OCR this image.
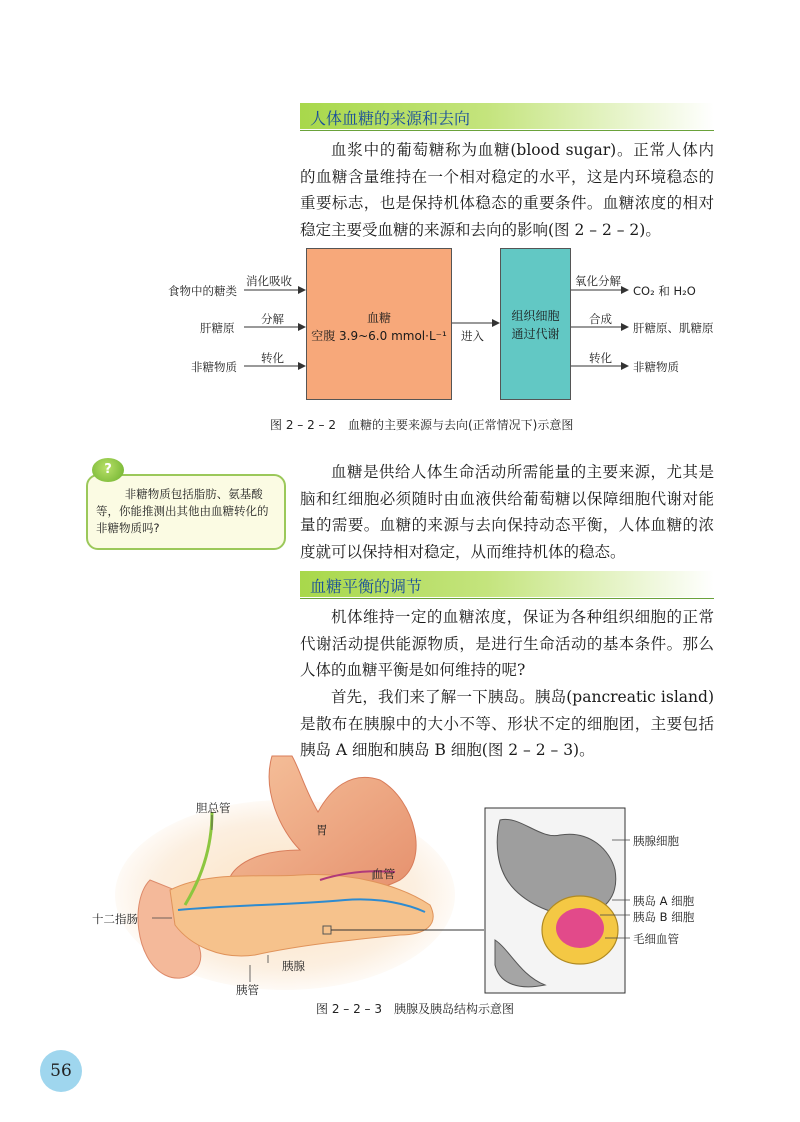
人体血糖的来源和去向
血浆中的葡萄糖称为血糖(blood sugar)。正常人体内的血糖含量维持在一个相对稳定的水平，这是内环境稳态的重要标志，也是保持机体稳态的重要条件。血糖浓度的相对稳定主要受血糖的来源和去向的影响(图 2 – 2 – 2)。
食物中的糖类
肝糖原
非糖物质
消化吸收
分解
转化
血糖
空腹 3.9~6.0 mmol·L⁻¹	进入
组织细胞
通过代谢
氧化分解
合成
转化
CO₂ 和 H₂O
肝糖原、肌糖原
非糖物质
图 2 – 2 – 2　血糖的主要来源与去向(正常情况下)示意图
非糖物质包括脂肪、氨基酸等，你能推测出其他由血糖转化的非糖物质吗?
?	血糖是供给人体生命活动所需能量的主要来源，尤其是脑和红细胞必须随时由血液供给葡萄糖以保障细胞代谢对能量的需要。血糖的来源与去向保持动态平衡，人体血糖的浓度就可以保持相对稳定，从而维持机体的稳态。
血糖平衡的调节
机体维持一定的血糖浓度，保证为各种组织细胞的正常代谢活动提供能源物质，是进行生命活动的基本条件。那么人体的血糖平衡是如何维持的呢?
首先，我们来了解一下胰岛。胰岛(pancreatic island)是散布在胰腺中的大小不等、形状不定的细胞团，主要包括胰岛 A 细胞和胰岛 B 细胞(图 2 – 2 – 3)。
胆总管
胃
血管
十二指肠
胰腺
胰管
胰腺细胞
胰岛 A 细胞
胰岛 B 细胞
毛细血管
图 2 – 2 – 3　胰腺及胰岛结构示意图
56
